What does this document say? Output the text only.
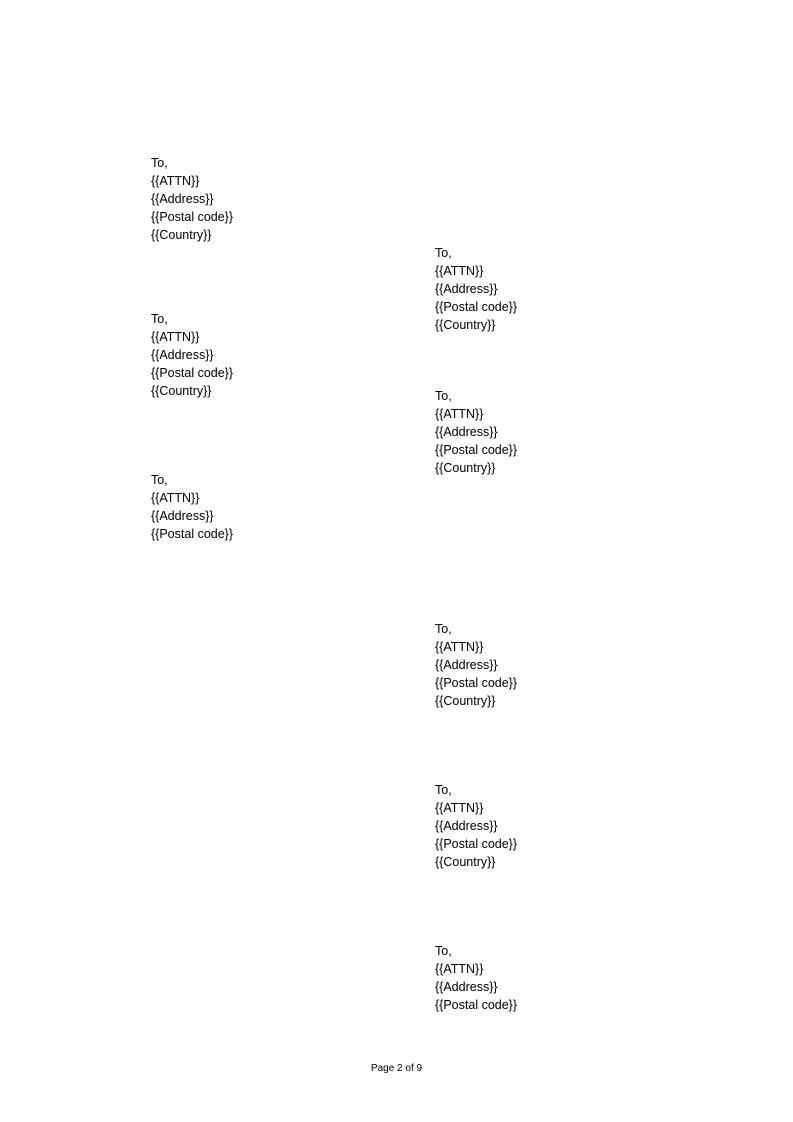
To,
{{ATTN}}
{{Address}}
{{Postal code}}
{{Country}}
To,
{{ATTN}}
{{Address}}
{{Postal code}}
{{Country}}
To,
{{ATTN}}
{{Address}}
{{Postal code}}
{{Country}}	To,
{{ATTN}}
{{Address}}
{{Postal code}}
{{Country}}
To,
{{ATTN}}
{{Address}}
{{Postal code}}
To,
{{ATTN}}
{{Address}}
{{Postal code}}
{{Country}}
To,
{{ATTN}}
{{Address}}
{{Postal code}}
{{Country}}
To,
{{ATTN}}
{{Address}}
{{Postal code}}
Page 2 of 9
